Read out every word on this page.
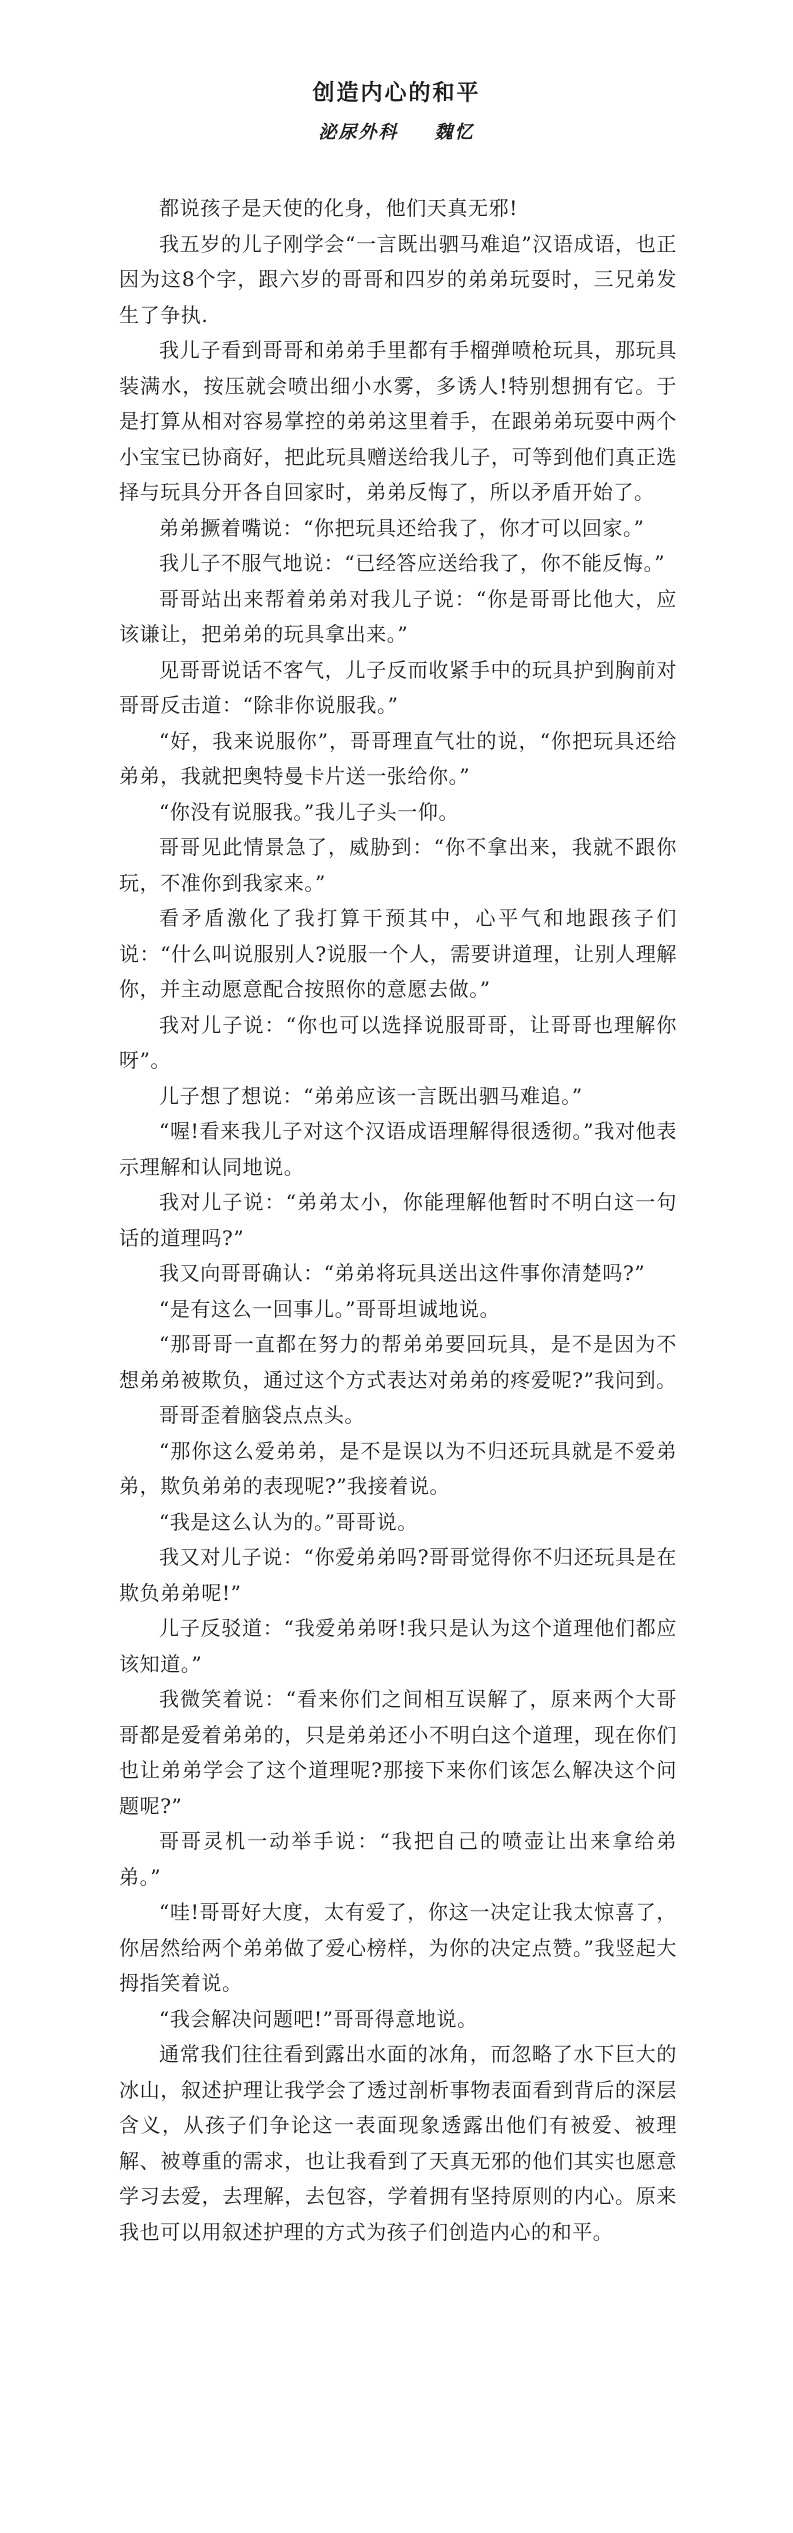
创造内心的和平
泌尿外科 魏忆

都说孩子是天使的化身，他们天真无邪!

我五岁的儿子刚学会“一言既出驷马难追”汉语成语，也正因为这8个字，跟六岁的哥哥和四岁的弟弟玩耍时，三兄弟发生了争执.

我儿子看到哥哥和弟弟手里都有手榴弹喷枪玩具，那玩具装满水，按压就会喷出细小水雾，多诱人!特别想拥有它。于是打算从相对容易掌控的弟弟这里着手，在跟弟弟玩耍中两个小宝宝已协商好，把此玩具赠送给我儿子，可等到他们真正选择与玩具分开各自回家时，弟弟反悔了，所以矛盾开始了。

弟弟撅着嘴说：“你把玩具还给我了，你才可以回家。”

我儿子不服气地说：“已经答应送给我了，你不能反悔。”

哥哥站出来帮着弟弟对我儿子说：“你是哥哥比他大，应该谦让，把弟弟的玩具拿出来。”

见哥哥说话不客气，儿子反而收紧手中的玩具护到胸前对哥哥反击道：“除非你说服我。”

“好，我来说服你”，哥哥理直气壮的说，“你把玩具还给弟弟，我就把奥特曼卡片送一张给你。”

“你没有说服我。”我儿子头一仰。

哥哥见此情景急了，威胁到：“你不拿出来，我就不跟你玩，不准你到我家来。”

看矛盾激化了我打算干预其中，心平气和地跟孩子们说：“什么叫说服别人?说服一个人，需要讲道理，让别人理解你，并主动愿意配合按照你的意愿去做。”

我对儿子说：“你也可以选择说服哥哥，让哥哥也理解你呀”。

儿子想了想说：“弟弟应该一言既出驷马难追。”

“喔!看来我儿子对这个汉语成语理解得很透彻。”我对他表示理解和认同地说。

我对儿子说：“弟弟太小，你能理解他暂时不明白这一句话的道理吗?”

我又向哥哥确认：“弟弟将玩具送出这件事你清楚吗?”

“是有这么一回事儿。”哥哥坦诚地说。

“那哥哥一直都在努力的帮弟弟要回玩具，是不是因为不想弟弟被欺负，通过这个方式表达对弟弟的疼爱呢?”我问到。

哥哥歪着脑袋点点头。

“那你这么爱弟弟，是不是误以为不归还玩具就是不爱弟弟，欺负弟弟的表现呢?”我接着说。

“我是这么认为的。”哥哥说。

我又对儿子说：“你爱弟弟吗?哥哥觉得你不归还玩具是在欺负弟弟呢!”

儿子反驳道：“我爱弟弟呀!我只是认为这个道理他们都应该知道。”

我微笑着说：“看来你们之间相互误解了，原来两个大哥哥都是爱着弟弟的，只是弟弟还小不明白这个道理，现在你们也让弟弟学会了这个道理呢?那接下来你们该怎么解决这个问题呢?”

哥哥灵机一动举手说：“我把自己的喷壶让出来拿给弟弟。”

“哇!哥哥好大度，太有爱了，你这一决定让我太惊喜了，你居然给两个弟弟做了爱心榜样，为你的决定点赞。”我竖起大拇指笑着说。

“我会解决问题吧!”哥哥得意地说。

通常我们往往看到露出水面的冰角，而忽略了水下巨大的冰山，叙述护理让我学会了透过剖析事物表面看到背后的深层含义，从孩子们争论这一表面现象透露出他们有被爱、被理解、被尊重的需求，也让我看到了天真无邪的他们其实也愿意学习去爱，去理解，去包容，学着拥有坚持原则的内心。原来我也可以用叙述护理的方式为孩子们创造内心的和平。
